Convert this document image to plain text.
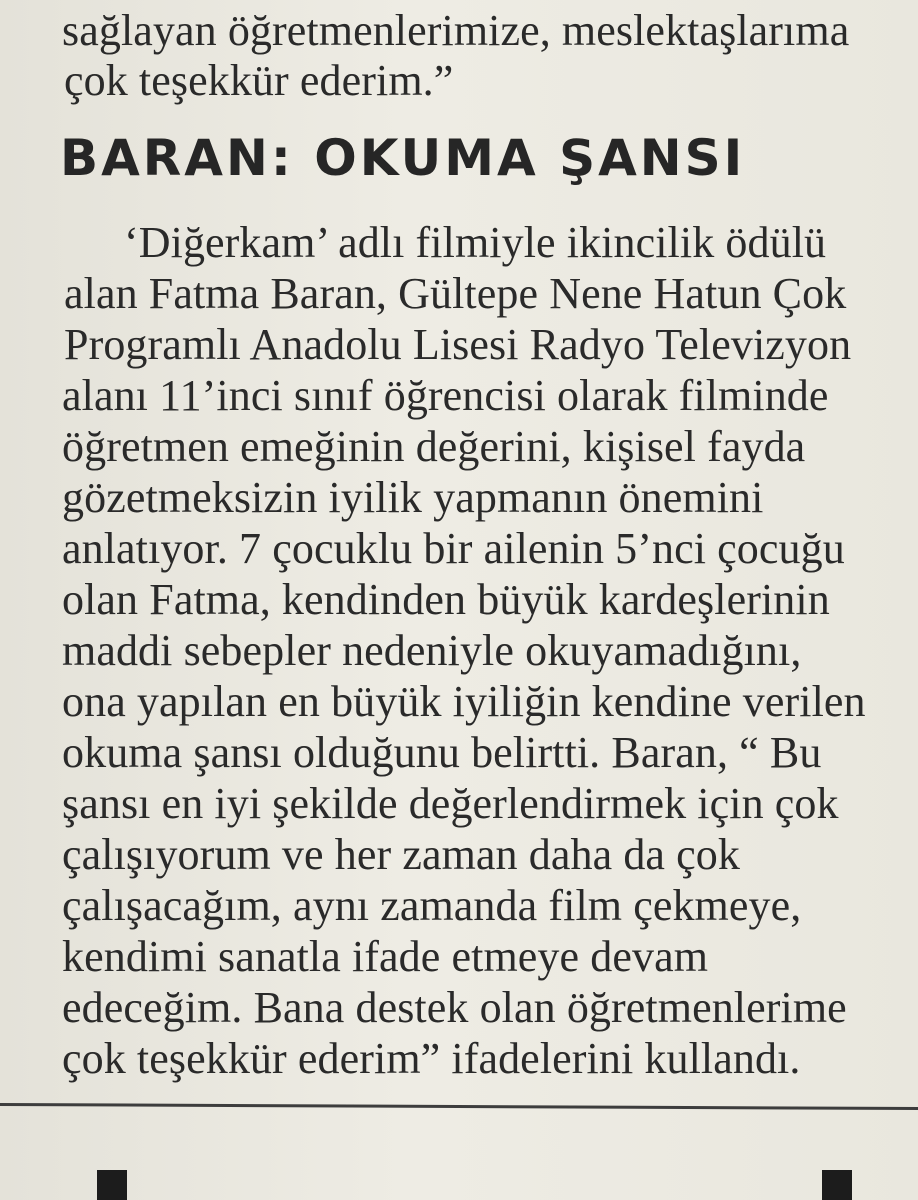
sağlayan öğretmenlerimize, meslektaşlarıma
çok teşekkür ederim.”
BARAN: OKUMA ŞANSI
‘Diğerkam’ adlı filmiyle ikincilik ödülü
alan Fatma Baran, Gültepe Nene Hatun Çok
Programlı Anadolu Lisesi Radyo Televizyon
alanı 11’inci sınıf öğrencisi olarak filminde
öğretmen emeğinin değerini, kişisel fayda
gözetmeksizin iyilik yapmanın önemini
anlatıyor. 7 çocuklu bir ailenin 5’nci çocuğu
olan Fatma, kendinden büyük kardeşlerinin
maddi sebepler nedeniyle okuyamadığını,
ona yapılan en büyük iyiliğin kendine verilen
okuma şansı olduğunu belirtti. Baran, “ Bu
şansı en iyi şekilde değerlendirmek için çok
çalışıyorum ve her zaman daha da çok
çalışacağım, aynı zamanda film çekmeye,
kendimi sanatla ifade etmeye devam
edeceğim. Bana destek olan öğretmenlerime
çok teşekkür ederim” ifadelerini kullandı.
